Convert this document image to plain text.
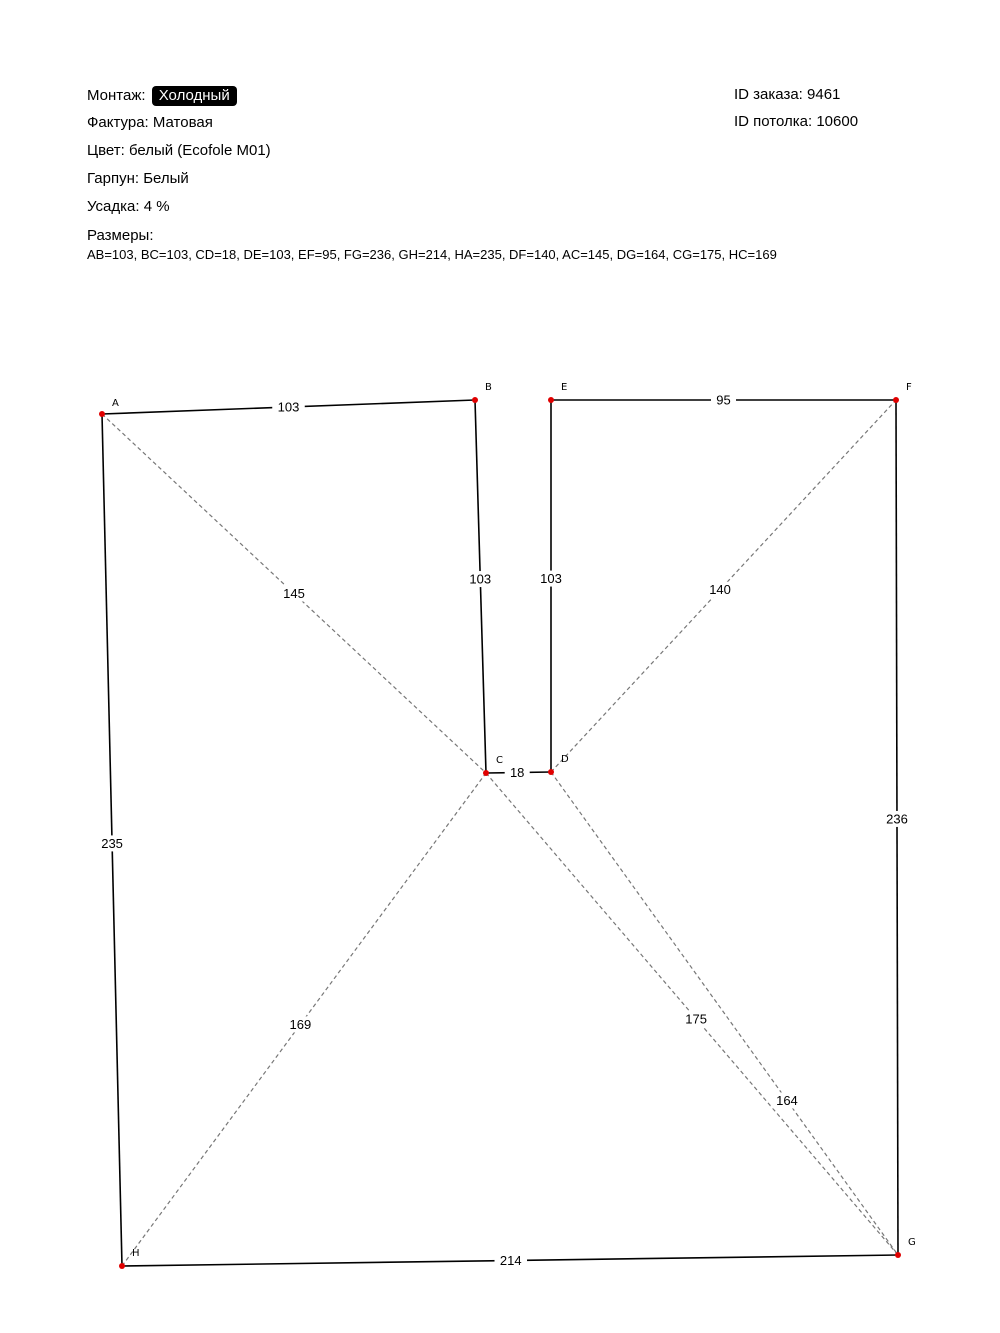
Монтаж: Холодный
Фактура: Матовая
Цвет: белый (Ecofole M01)
Гарпун: Белый
Усадка: 4 %
Размеры:
AB=103, BC=103, CD=18, DE=103, EF=95, FG=236, GH=214, HA=235, DF=140, AC=145, DG=164, CG=175, HC=169
ID заказа: 9461
ID потолка: 10600
140
145
164
175
169
103
103
18
103
95
236
214
235
A
B
C	D
E	F
G
H
